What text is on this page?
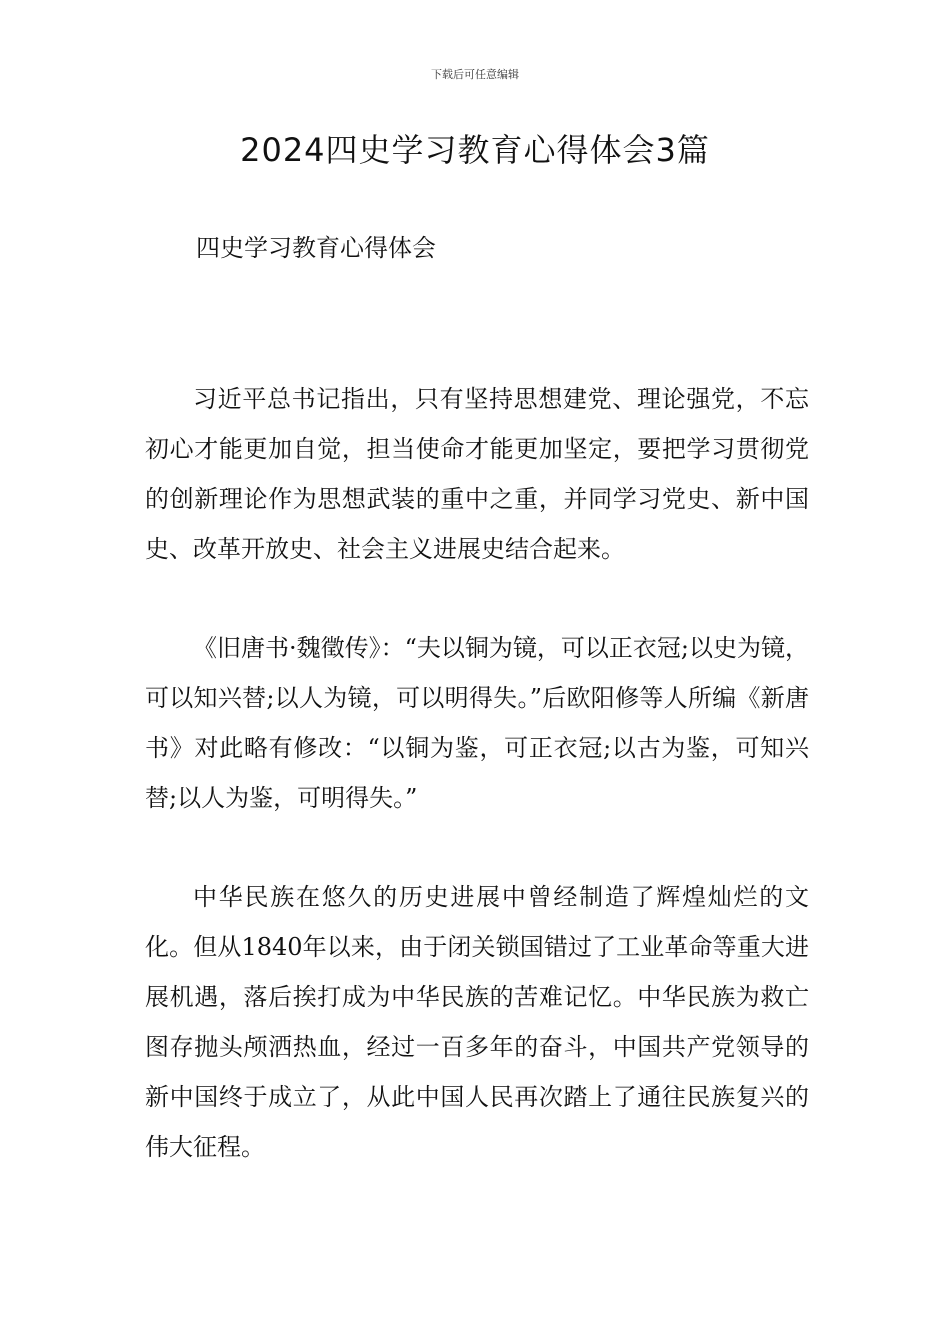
下载后可任意编辑
2024四史学习教育心得体会3篇
四史学习教育心得体会

习近平总书记指出，只有坚持思想建党、理论强党，不忘初心才能更加自觉，担当使命才能更加坚定，要把学习贯彻党的创新理论作为思想武装的重中之重，并同学习党史、新中国史、改革开放史、社会主义进展史结合起来。

《旧唐书·魏徵传》：“夫以铜为镜，可以正衣冠;以史为镜，可以知兴替;以人为镜，可以明得失。”后欧阳修等人所编《新唐书》对此略有修改：“以铜为鉴，可正衣冠;以古为鉴，可知兴替;以人为鉴，可明得失。”

中华民族在悠久的历史进展中曾经制造了辉煌灿烂的文化。但从1840年以来，由于闭关锁国错过了工业革命等重大进展机遇，落后挨打成为中华民族的苦难记忆。中华民族为救亡图存抛头颅洒热血，经过一百多年的奋斗，中国共产党领导的新中国终于成立了，从此中国人民再次踏上了通往民族复兴的伟大征程。
